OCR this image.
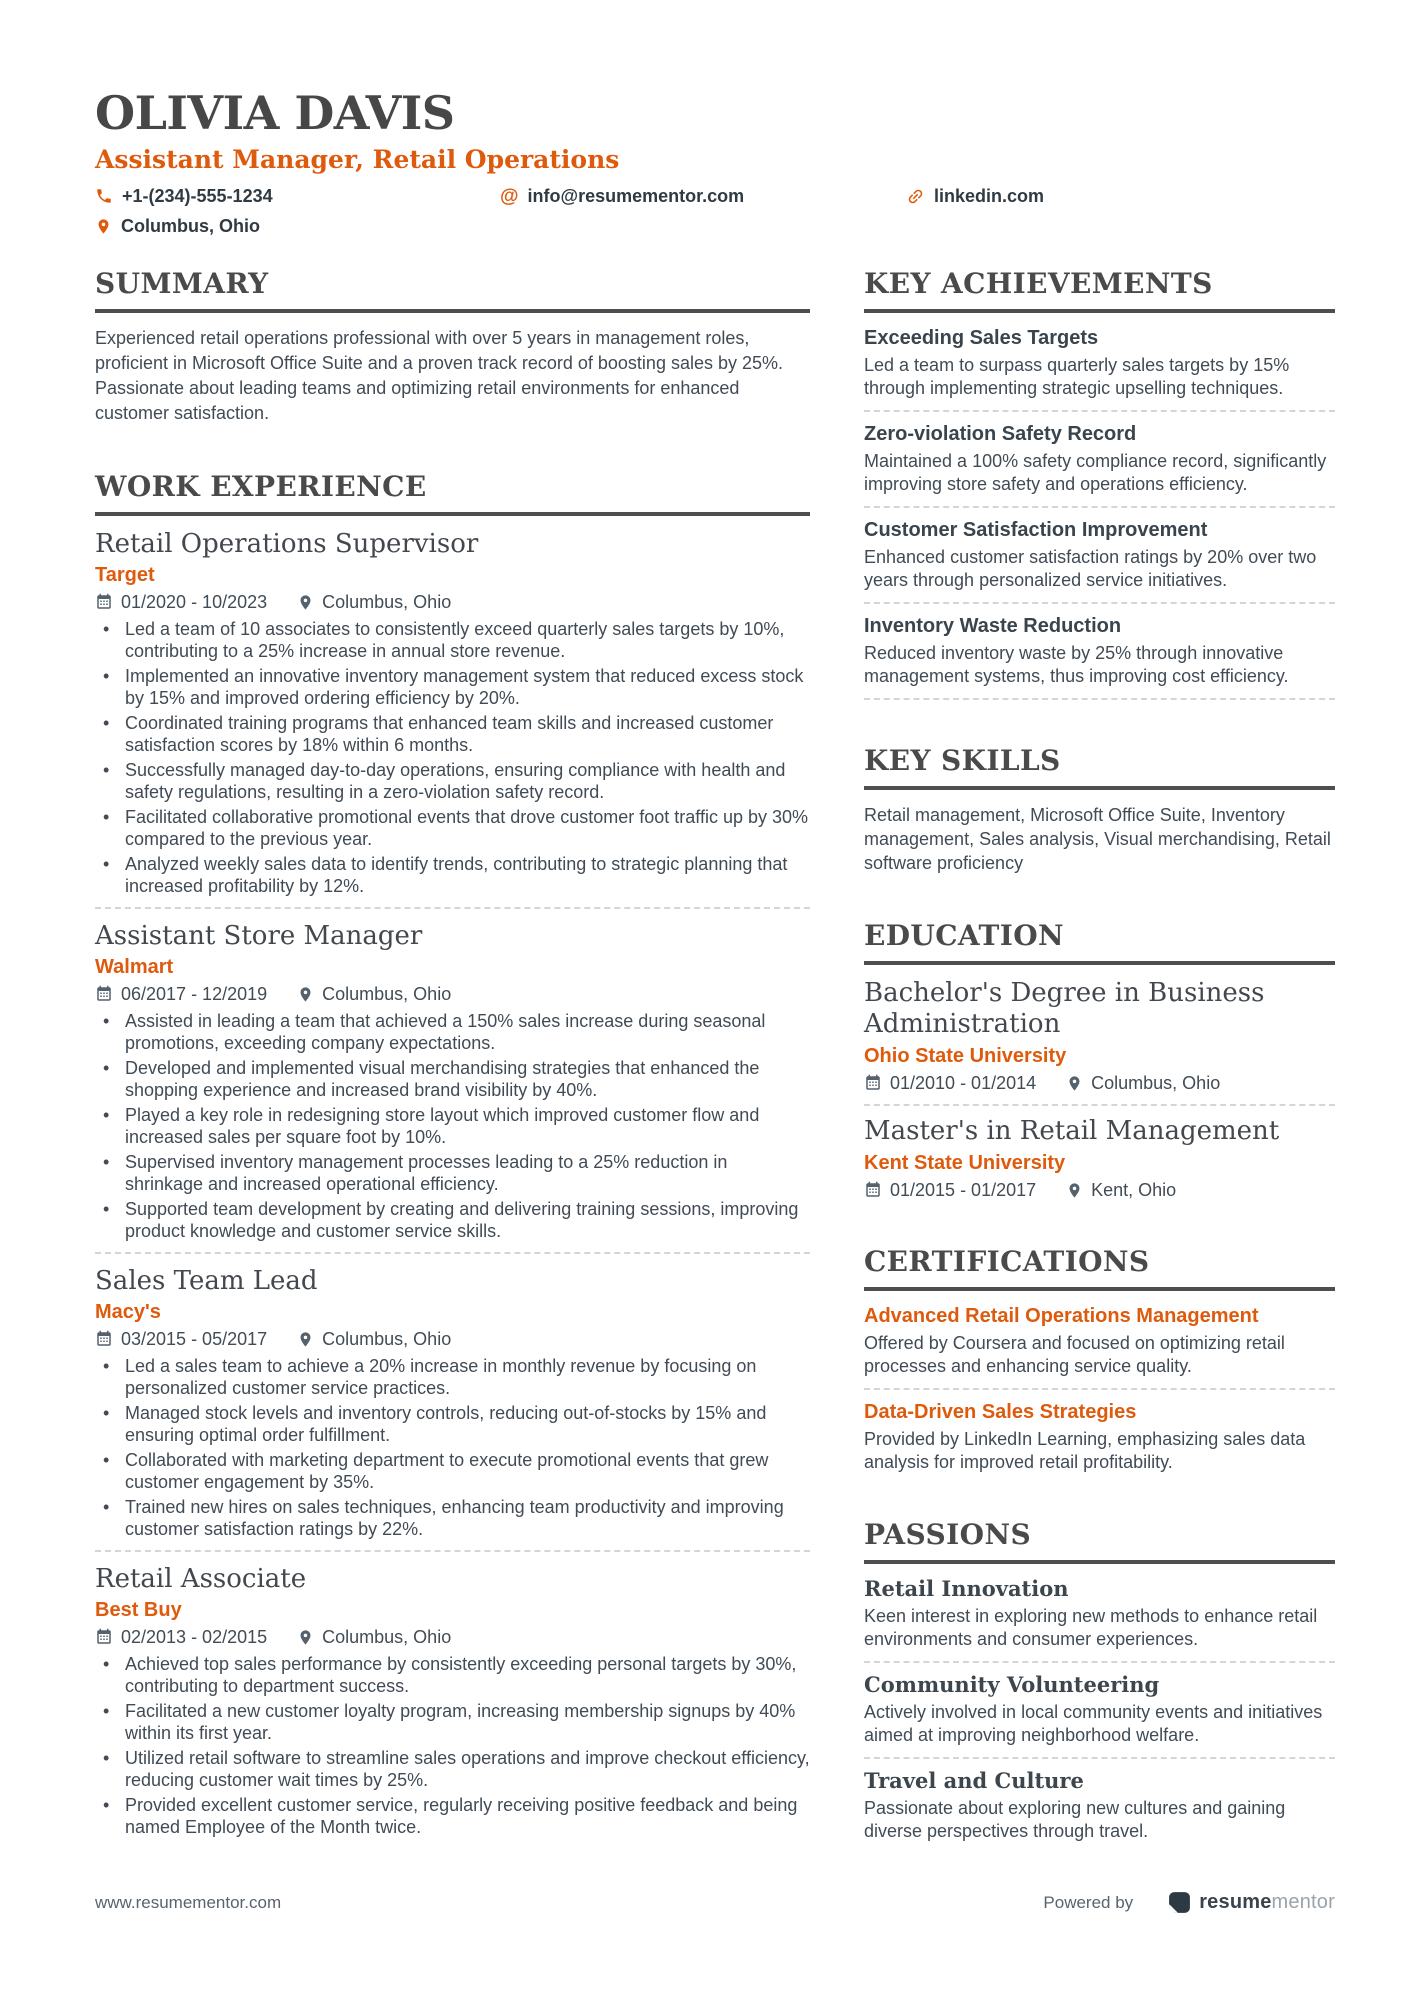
OLIVIA DAVIS
Assistant Manager, Retail Operations
+1-(234)-555-1234	@ info@resumementor.com	linkedin.com
Columbus, Ohio
SUMMARY

Experienced retail operations professional with over 5 years in management roles, proficient in Microsoft Office Suite and a proven track record of boosting sales by 25%. Passionate about leading teams and optimizing retail environments for enhanced customer satisfaction.

WORK EXPERIENCE
Retail Operations Supervisor
Target
01/2020 - 10/2023	Columbus, Ohio
• Led a team of 10 associates to consistently exceed quarterly sales targets by 10%, contributing to a 25% increase in annual store revenue.
• Implemented an innovative inventory management system that reduced excess stock by 15% and improved ordering efficiency by 20%.
• Coordinated training programs that enhanced team skills and increased customer satisfaction scores by 18% within 6 months.
• Successfully managed day-to-day operations, ensuring compliance with health and safety regulations, resulting in a zero-violation safety record.
• Facilitated collaborative promotional events that drove customer foot traffic up by 30% compared to the previous year.
• Analyzed weekly sales data to identify trends, contributing to strategic planning that increased profitability by 12%.
Assistant Store Manager
Walmart
06/2017 - 12/2019	Columbus, Ohio
• Assisted in leading a team that achieved a 150% sales increase during seasonal promotions, exceeding company expectations.
• Developed and implemented visual merchandising strategies that enhanced the shopping experience and increased brand visibility by 40%.
• Played a key role in redesigning store layout which improved customer flow and increased sales per square foot by 10%.
• Supervised inventory management processes leading to a 25% reduction in shrinkage and increased operational efficiency.
• Supported team development by creating and delivering training sessions, improving product knowledge and customer service skills.
Sales Team Lead
Macy's
03/2015 - 05/2017	Columbus, Ohio
• Led a sales team to achieve a 20% increase in monthly revenue by focusing on personalized customer service practices.
• Managed stock levels and inventory controls, reducing out-of-stocks by 15% and ensuring optimal order fulfillment.
• Collaborated with marketing department to execute promotional events that grew customer engagement by 35%.
• Trained new hires on sales techniques, enhancing team productivity and improving customer satisfaction ratings by 22%.
Retail Associate
Best Buy
02/2013 - 02/2015	Columbus, Ohio
• Achieved top sales performance by consistently exceeding personal targets by 30%, contributing to department success.
• Facilitated a new customer loyalty program, increasing membership signups by 40% within its first year.
• Utilized retail software to streamline sales operations and improve checkout efficiency, reducing customer wait times by 25%.
• Provided excellent customer service, regularly receiving positive feedback and being named Employee of the Month twice.
KEY ACHIEVEMENTS
Exceeding Sales Targets
Led a team to surpass quarterly sales targets by 15% through implementing strategic upselling techniques.
Zero-violation Safety Record
Maintained a 100% safety compliance record, significantly improving store safety and operations efficiency.
Customer Satisfaction Improvement
Enhanced customer satisfaction ratings by 20% over two years through personalized service initiatives.
Inventory Waste Reduction
Reduced inventory waste by 25% through innovative management systems, thus improving cost efficiency.
KEY SKILLS

Retail management, Microsoft Office Suite, Inventory management, Sales analysis, Visual merchandising, Retail software proficiency

EDUCATION
Bachelor's Degree in Business Administration
Ohio State University
01/2010 - 01/2014	Columbus, Ohio
Master's in Retail Management
Kent State University
01/2015 - 01/2017	Kent, Ohio
CERTIFICATIONS
Advanced Retail Operations Management
Offered by Coursera and focused on optimizing retail processes and enhancing service quality.
Data-Driven Sales Strategies
Provided by LinkedIn Learning, emphasizing sales data analysis for improved retail profitability.
PASSIONS
Retail Innovation
Keen interest in exploring new methods to enhance retail environments and consumer experiences.
Community Volunteering
Actively involved in local community events and initiatives aimed at improving neighborhood welfare.
Travel and Culture
Passionate about exploring new cultures and gaining diverse perspectives through travel.
www.resumementor.com	Powered by	resumementor
